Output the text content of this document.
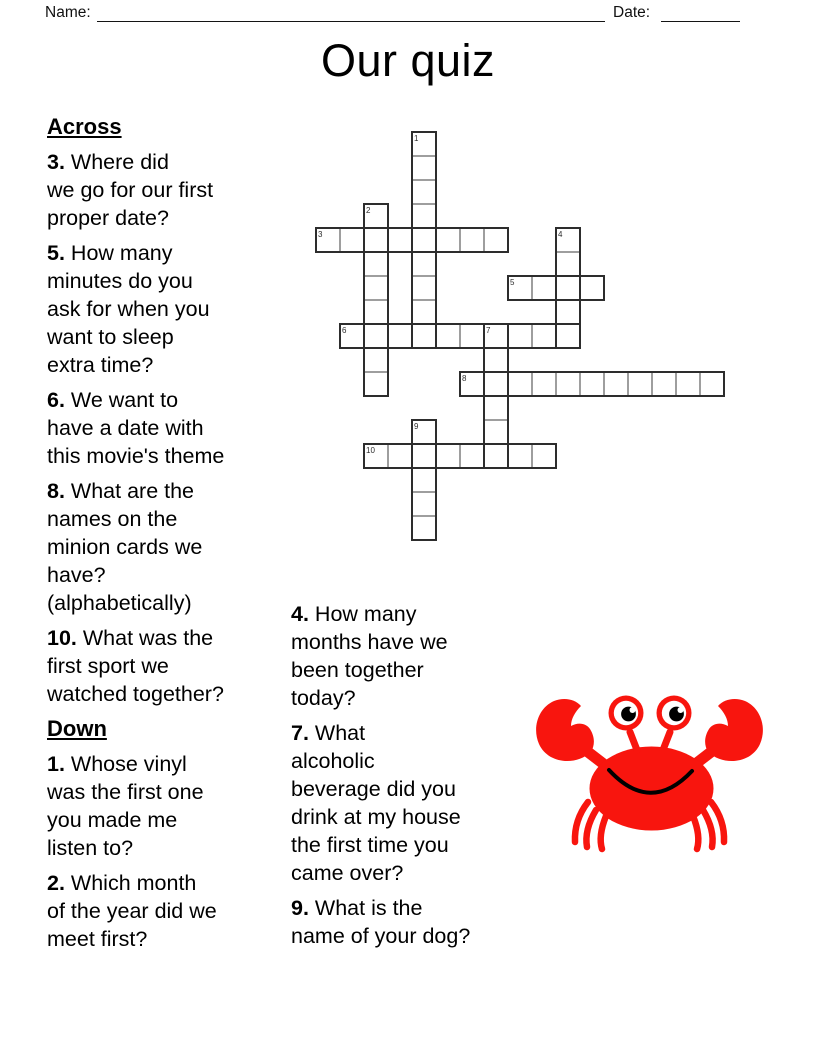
Name:	Date:
Our quiz
1
2
3	4
5
6	7
8
9
10
Across

3. Where did
we go for our first
proper date?

5. How many
minutes do you
ask for when you
want to sleep
extra time?

6. We want to
have a date with
this movie's theme

8. What are the
names on the
minion cards we
have?
(alphabetically)

10. What was the
first sport we
watched together?

Down

1. Whose vinyl
was the first one
you made me
listen to?

2. Which month
of the year did we
meet first?

4. How many
months have we
been together
today?

7. What
alcoholic
beverage did you
drink at my house
the first time you
came over?

9. What is the
name of your dog?
